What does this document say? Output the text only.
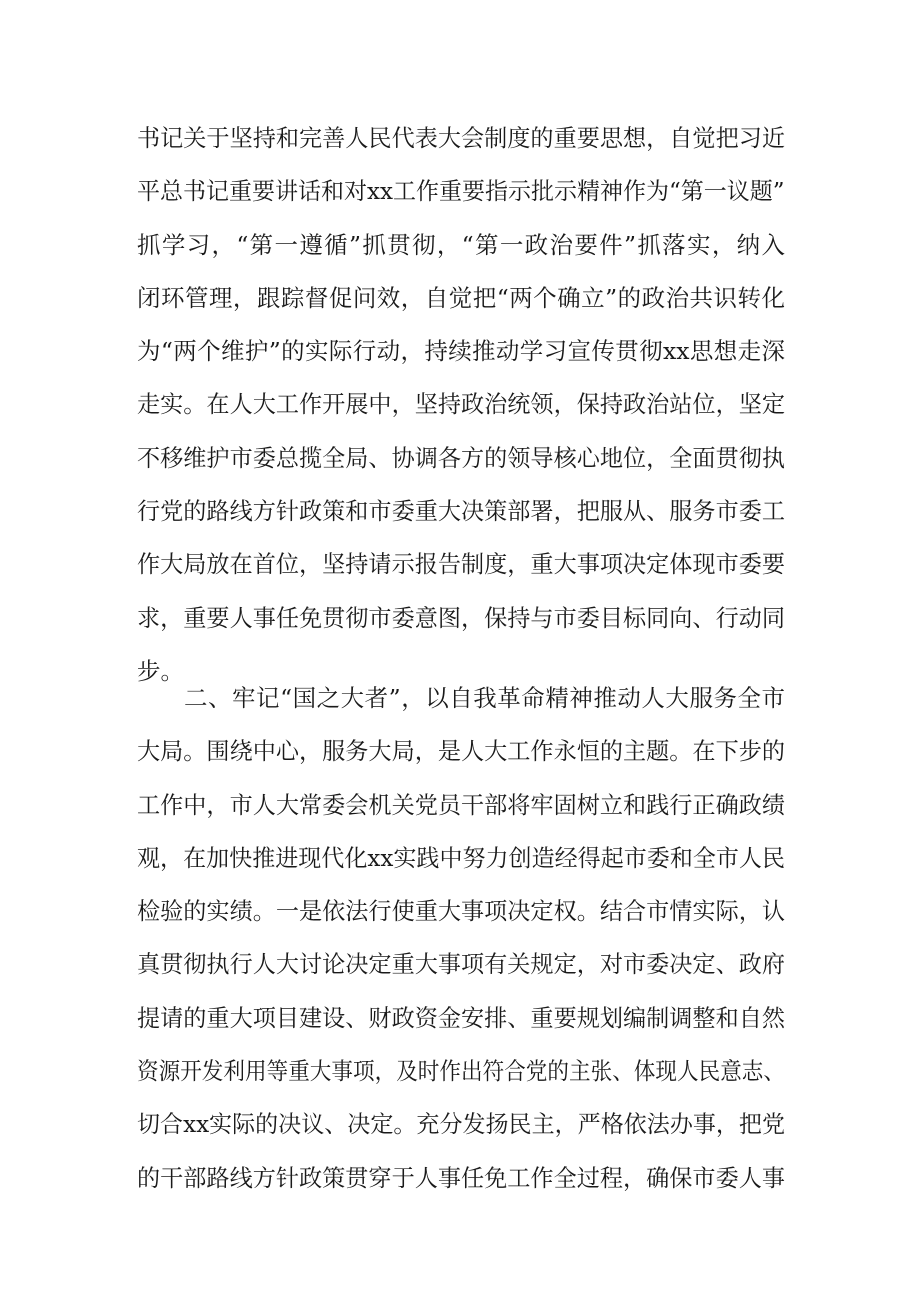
书记关于坚持和完善人民代表大会制度的重要思想，自觉把习近
平总书记重要讲话和对xx工作重要指示批示精神作为“第一议题”
抓学习，“第一遵循”抓贯彻，“第一政治要件”抓落实，纳入
闭环管理，跟踪督促问效，自觉把“两个确立”的政治共识转化
为“两个维护”的实际行动，持续推动学习宣传贯彻xx思想走深
走实。在人大工作开展中，坚持政治统领，保持政治站位，坚定
不移维护市委总揽全局、协调各方的领导核心地位，全面贯彻执
行党的路线方针政策和市委重大决策部署，把服从、服务市委工
作大局放在首位，坚持请示报告制度，重大事项决定体现市委要
求，重要人事任免贯彻市委意图，保持与市委目标同向、行动同
步。
二、牢记“国之大者”，以自我革命精神推动人大服务全市
大局。围绕中心，服务大局，是人大工作永恒的主题。在下步的
工作中，市人大常委会机关党员干部将牢固树立和践行正确政绩
观，在加快推进现代化xx实践中努力创造经得起市委和全市人民
检验的实绩。一是依法行使重大事项决定权。结合市情实际，认
真贯彻执行人大讨论决定重大事项有关规定，对市委决定、政府
提请的重大项目建设、财政资金安排、重要规划编制调整和自然
资源开发利用等重大事项，及时作出符合党的主张、体现人民意志、
切合xx实际的决议、决定。充分发扬民主，严格依法办事，把党
的干部路线方针政策贯穿于人事任免工作全过程，确保市委人事
